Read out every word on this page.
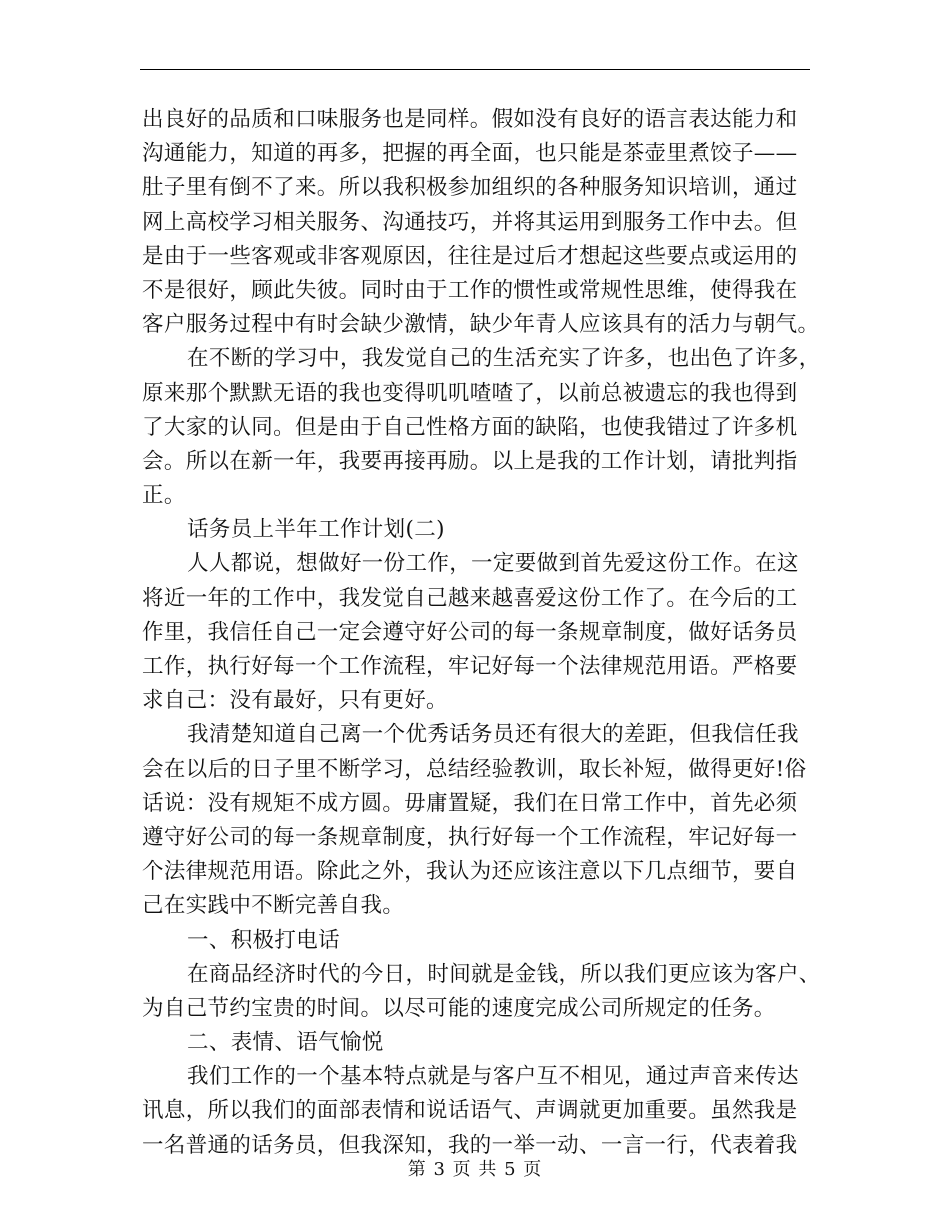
出良好的品质和口味服务也是同样。假如没有良好的语言表达能力和
沟通能力，知道的再多，把握的再全面，也只能是茶壶里煮饺子——
肚子里有倒不了来。所以我积极参加组织的各种服务知识培训，通过
网上高校学习相关服务、沟通技巧，并将其运用到服务工作中去。但
是由于一些客观或非客观原因，往往是过后才想起这些要点或运用的
不是很好，顾此失彼。同时由于工作的惯性或常规性思维，使得我在
客户服务过程中有时会缺少激情，缺少年青人应该具有的活力与朝气。
在不断的学习中，我发觉自己的生活充实了许多，也出色了许多，
原来那个默默无语的我也变得叽叽喳喳了，以前总被遗忘的我也得到
了大家的认同。但是由于自己性格方面的缺陷，也使我错过了许多机
会。所以在新一年，我要再接再励。以上是我的工作计划，请批判指
正。
话务员上半年工作计划(二)
人人都说，想做好一份工作，一定要做到首先爱这份工作。在这
将近一年的工作中，我发觉自己越来越喜爱这份工作了。在今后的工
作里，我信任自己一定会遵守好公司的每一条规章制度，做好话务员
工作，执行好每一个工作流程，牢记好每一个法律规范用语。严格要
求自己：没有最好，只有更好。
我清楚知道自己离一个优秀话务员还有很大的差距，但我信任我
会在以后的日子里不断学习，总结经验教训，取长补短，做得更好!俗
话说：没有规矩不成方圆。毋庸置疑，我们在日常工作中，首先必须
遵守好公司的每一条规章制度，执行好每一个工作流程，牢记好每一
个法律规范用语。除此之外，我认为还应该注意以下几点细节，要自
己在实践中不断完善自我。
一、积极打电话
在商品经济时代的今日，时间就是金钱，所以我们更应该为客户、
为自己节约宝贵的时间。以尽可能的速度完成公司所规定的任务。
二、表情、语气愉悦
我们工作的一个基本特点就是与客户互不相见，通过声音来传达
讯息，所以我们的面部表情和说话语气、声调就更加重要。虽然我是
一名普通的话务员，但我深知，我的一举一动、一言一行，代表着我
第 3 页 共 5 页
